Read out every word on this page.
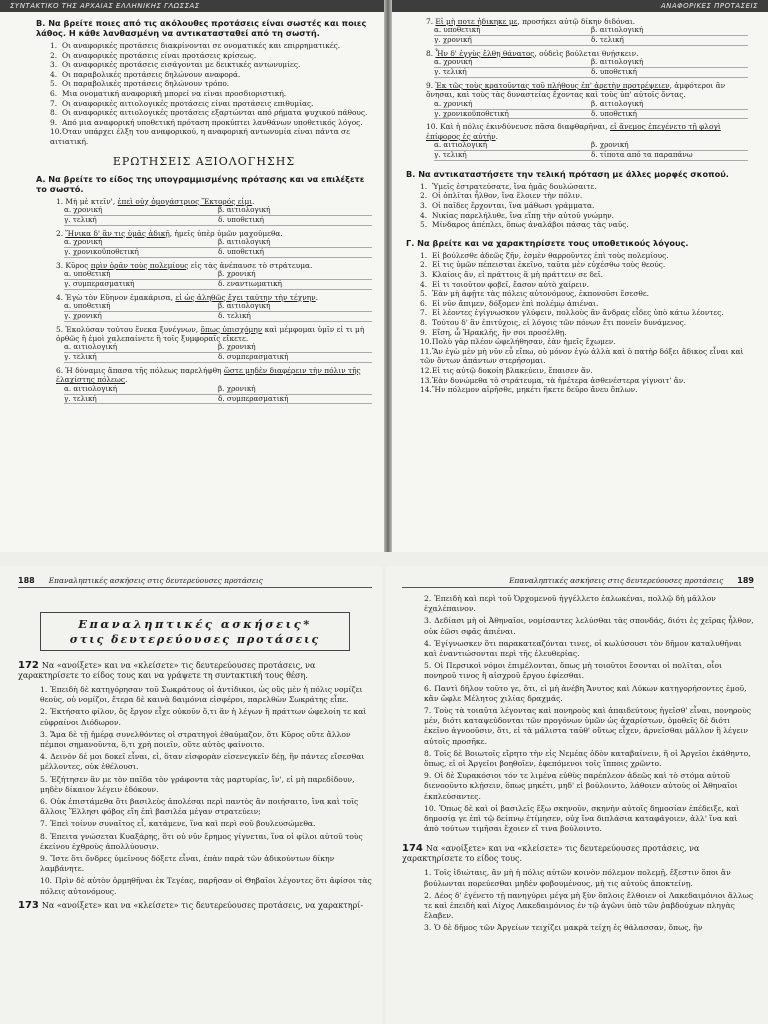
ΣΥΝΤΑΚΤΙΚΟ ΤΗΣ ΑΡΧΑΙΑΣ ΕΛΛΗΝΙΚΗΣ ΓΛΩΣΣΑΣ
Β. Να βρείτε ποιες από τις ακόλουθες προτάσεις είναι σωστές και ποιες λάθος. Η κάθε λανθασμένη να αντικατασταθεί από τη σωστή.
1. Οι αναφορικές προτάσεις διακρίνονται σε ονοματικές και επιρρηματικές.
2. Οι αναφορικές προτάσεις είναι προτάσεις κρίσεως.
3. Οι αναφορικές προτάσεις εισάγονται με δεικτικές αντωνυμίες.
4. Οι παραβολικές προτάσεις δηλώνουν αναφορά.
5. Οι παραβολικές προτάσεις δηλώνουν τρόπο.
6. Μια ονοματική αναφορική μπορεί να είναι προσδιοριστική.
7. Οι αναφορικές αιτιολογικές προτάσεις είναι προτάσεις επιθυμίας.
8. Οι αναφορικές αιτιολογικές προτάσεις εξαρτώνται από ρήματα ψυχικού πάθους.
9. Από μια αναφορική υποθετική πρόταση προκύπτει λανθάνων υποθετικός λόγος.
10.Όταν υπάρχει έλξη του αναφορικού, η αναφορική αντωνυμία είναι πάντα σε αιτιατική.
ΕΡΩΤΗΣΕΙΣ ΑΞΙΟΛΟΓΗΣΗΣ
Α. Να βρείτε το είδος της υπογραμμισμένης πρότασης και να επιλέξετε το σωστό.
1. Μὴ μὲ κτεῖν', ἐπεὶ οὐχ ὁμογάστριος Ἕκτορός εἰμι.
α. χρονική	β. αιτιολογική
γ. τελική	δ. υποθετική
2. Ἥνικα δ' ἂν τις ὑμᾶς ἀδικῇ, ἡμεῖς ὑπὲρ ὑμῶν μαχούμεθα.
α. χρονική	β. αιτιολογική
γ. χρονικοϋποθετική	δ. υποθετική
3. Κῦρος πρὶν ὁρᾶν τοὺς πολεμίους εἰς τὰς ἀνέπαυσε τὸ στράτευμα.
α. υποθετική	β. χρονική
γ. συμπερασματική	δ. εναντιωματική
4. Ἐγὼ τὸν Εὔηνον ἐμακάρισα, εἰ ὡς ἀληθῶς ἔχει ταύτην τὴν τέχνην.
α. υποθετική	β. αιτιολογική
γ. χρονική	δ. τελική
5. Ἐκολύσαν τούτου ἕνεκα ξυνέγνων, ὅπως ὑπισχόμην καὶ μέμφομαι ὑμῖν εἰ τι μὴ ὀρθῶς ἢ ἐμοὶ χαλεπαίνετε ἢ τοῖς ξυμφοραῖς εἴκετε.
α. αιτιολογική	β. χρονική
γ. τελική	δ. συμπερασματική
6. Ἡ δύναμις ἅπασα τῆς πόλεως παρελήφθη ὥστε μηδὲν διαφέρειν τὴν πόλιν τῆς ἐλαχίστης πόλεως.
α. αιτιολογική	β. χρονική
γ. τελική	δ. συμπερασματική
ΑΝΑΦΟΡΙΚΕΣ ΠΡΟΤΑΣΕΙΣ
7. Εἰ μὴ ποτε ἠδικηκε με, προσήκει αὐτῷ δίκην διδόναι.
α. υποθετική	β. αιτιολογική
γ. χρονική	δ. τελική
8. Ἦν δ' ἐγγὺς ἔλθῃ θάνατος, οὐδεὶς βούλεται θνῄσκειν.
α. χρονική	β. αιτιολογική
γ. τελική	δ. υποθετική
9. Ἐκ τῶς τοὺς κρατοῦντας τοῦ πλήθους ἐπ' ἀρετὴν προτρέψειεν, ἀμφότεροι ἂν ὄνησαι, καὶ τοὺς τὰς δυναστείας ἔχοντας καὶ τοὺς ὑπ' αὐτοῖς ὄντας.
α. χρονική	β. αιτιολογική
γ. χρονικοϋποθετική	δ. υποθετική
10. Καὶ ἡ πόλις ἐκινδύνευσε πᾶσα διαφθαρῆναι, εἰ ἄνεμος ἐπεγένετο τῇ φλογὶ ἐπίφορος ἐς αὐτήν.
α. αιτιολογική	β. χρονική
γ. τελική	δ. τίποτα από τα παραπάνω
Β. Να αντικαταστήσετε την τελική πρόταση με άλλες μορφές σκοπού.
1. Ὑμεῖς ἐστρατεύσατε, ἵνα ἡμᾶς δουλώσαιτε.
2. Οἱ ὁπλῖται ἦλθον, ἵνα ἔλοιεν τὴν πόλιν.
3. Οἱ παῖδες ἔρχονται, ἵνα μάθωσι γράμματα.
4. Νικίας παρελήλυθε, ἵνα εἴπῃ τὴν αὐτοῦ γνώμην.
5. Μίνδαρος ἀπέπλει, ὅπως ἀναλάβοι πάσας τὰς ναῦς.
Γ. Να βρείτε και να χαρακτηρίσετε τους υποθετικούς λόγους.
1. Εἰ βούλεσθε ἀδεῶς ζῆν, ἐσμὲν θαρροῦντες ἐπὶ τοὺς πολεμίους.
2. Εἰ τις ὑμῶν πέπεισται ἐκεῖνο, ταῦτα μὲν εὐχέσθω τοὺς θεούς.
3. Κλαίοις ἄν, εἰ πράττοις ἃ μὴ πράττειν σε δεῖ.
4. Εἰ τι τοιοῦτον φοβεῖ, ἔασον αὐτὸ χαίρειν.
5. Ἐὰν μὴ ἀφῇτε τὰς πόλεις αὐτονόμους, ἐκπονοῦσι ἔσεσθε.
6. Εἰ νῦν ἄπιμεν, δόξομεν ἐπὶ πολέμῳ ἀπιέναι.
7. Εἰ λέοντες ἐγίγνωσκον γλύφειν, πολλοὺς ἂν ἄνδρας εἶδες ὑπὸ κάτω λέοντες.
8. Τούτου δ' ἂν ἐπιτύχοις, εἰ λόγοις τῶν πόνων ἔτι πονεῖν δυνάμενος.
9. Εἴση, ὦ Ἡρακλῆς, ἥν σοι προσέλθῃ.
10.Πολὺ γὰρ πλέον ὠφελήθησαν, ἐὰν ἡμεῖς ἔχωμεν.
11.Ἂν ἐγὼ μὲν μὴ νῦν εὖ εἴπω, οὐ μόνον ἐγὼ ἀλλὰ καὶ ὁ πατὴρ δόξει ἄδικος εἶναι καὶ τῶν ὄντων ἁπάντων στερήσομαι.
12.Εἰ τις αὐτῷ δοκοίη βλακεύειν, ἔπαισεν ἄν.
13.Ἐὰν δυνώμεθα τὸ στράτευμα, τὰ ἡμέτερα ἀσθενέστερα γίγνοιτ' ἄν.
14.Ἢν πόλεμον αἱρῆσθε, μηκέτι ἥκετε δεῦρο ἄνευ ὅπλων.
188 Επαναληπτικές ασκήσεις στις δευτερεύουσες προτάσεις
Επαναληπτικές ασκήσεις*
στις δευτερεύουσες προτάσεις
172 Να «ανοίξετε» και να «κλείσετε» τις δευτερεύουσες προτάσεις, να χαρακτηρίσετε το είδος τους και να γράψετε τη συντακτική τους θέση.
1. Ἐπειδὴ δὲ κατηγόρησαν τοῦ Σωκράτους οἱ ἀντίδικοι, ὡς οὓς μὲν ἡ πόλις νομίζει θεοὺς, οὐ νομίζοι, ἕτερα δὲ καινὰ δαιμόνια εἰσφέροι, παρελθὼν Σωκράτης εἶπε.
2. Ἐκτήσατο φίλον, ὅς ἔργον εἶχε οὐκοῦν ὅ,τι ἂν ἡ λέγων ἢ πράττων ὠφελοίη τε καὶ εὐφραίνοι Διόδωρον.
3. Ἅμα δὲ τῇ ἡμέρᾳ συνελθόντες οἱ στρατηγοὶ ἐθαύμαζον, ὅτι Κῦρος οὔτε ἄλλον πέμποι σημανοῦντα, ὅ,τι χρὴ ποιεῖν, οὔτε αὐτὸς φαίνοιτο.
4. Δεινὸν δέ μοι δοκεῖ εἶναι, εἰ, ὅταν εἰσφορὰν εἰσενεγκεῖν δέῃ, ἣν πάντες εἴσεσθαι μέλλοντες, οὐκ ἐθέλουσι.
5. Ἐζήτησεν ἂν με τὸν παῖδα τὸν γράφοντα τὰς μαρτυρίας, ἵν', εἰ μὴ παρεδίδουν, μηδὲν δίκαιον λέγειν ἐδόκουν.
6. Οὐκ ἐπιστάμεθα ὅτι βασιλεὺς ἀπολέσαι περὶ παντὸς ἂν ποιήσαιτο, ἵνα καὶ τοῖς ἄλλοις Ἕλλησι φόβος εἴη ἐπὶ βασιλέα μέγαν στρατεύειν;
7. Ἐπεὶ τοίνυν συναῖτος εἶ, κατάμενε, ἵνα καὶ περὶ σοῦ βουλευσώμεθα.
8. Ἐπειτα γνώσεται Κυαξάρης, ὅτι οὐ νῦν ἔρημος γίγνεται, ἵνα οἱ φίλοι αὐτοῦ τοὺς ἐκείνου ἐχθροὺς ἀπολλύουσιν.
9. Ἴστε ὅτι ὄνδρες ὑμεῖνους δόξετε εἶναι, ἐπὰν παρὰ τῶν ἀδικούντων δίκην λαμβάνητε.
10. Πρὶν δὲ αὐτὸν ὁρμηθῆναι ἐκ Τεγέας, παρῆσαν οἱ Θηβαῖοι λέγοντες ὅτι ἀφίσοι τὰς πόλεις αὐτονόμους.
173 Να «ανοίξετε» και να «κλείσετε» τις δευτερεύουσες προτάσεις, να χαρακτηρί-
Επαναληπτικές ασκήσεις στις δευτερεύουσες προτάσεις 189
2. Ἐπειδὴ καὶ περὶ τοῦ Ὀρχομενοῦ ἠγγέλλετο ἑαλωκέναι, πολλῷ δὴ μᾶλλον ἐχαλέπαινον.
3. Δεδίασι μὴ οἱ Ἀθηναῖοι, νομίσαντες λελύσθαι τὰς σπονδάς, διότι ἐς χεῖρας ἦλθον, οὐκ ἐῶσι σφᾶς ἀπιέναι.
4. Ἐγίγνωσκεν ὅτι παρακατεαζόνται τινες, οἱ κωλύσουσι τὸν δῆμον καταλυθῆναι καὶ ἐναντιώσονται περὶ τῆς ἐλευθερίας.
5. Οἱ Περσικοὶ νόμοι ἐπιμέλονται, ὅπως μὴ τοιοῦτοι ἔσονται οἱ πολῖται, οἷοι πονηροῦ τινος ἢ αἰσχροῦ ἔργου ἐφίεσθαι.
6. Παντὶ δῆλον τοῦτο γε, ὅτι, εἰ μὴ ἀνέβη Ἄνυτος καὶ Λύκων κατηγορήσοντες ἐμοῦ, κἂν ὤφλε Μέλητος χιλίας δραχμάς.
7. Τοὺς τὰ τοιαῦτα λέγοντας καὶ πονηροὺς καὶ ἀπαιδεύτους ἡγεῖσθ' εἶναι, πονηροὺς μέν, διότι καταψεύδονται τῶν προγόνων ὑμῶν ὡς ἀχαρίστων, ὁμοθεῖς δὲ διότι ἐκεῖνο ἀγνοοῦσιν, ὅτι, εἰ τὰ μάλιστα ταῦθ' οὕτως εἶχεν, ἀρνεῖσθαι μᾶλλον ἢ λέγειν αὐτοῖς προσῆκε.
8. Τοῖς δὲ Βοιωτοῖς εἴρητο τὴν εἰς Νεμέας ὁδὸν καταβαίνειν, ἥ οἱ Ἀργεῖοι ἐκάθηντο, ὅπως, εἰ οἱ Ἀργεῖοι βοηθοῖεν, ἐφεπόμενοι τοῖς ἵπποις χρῶντο.
9. Οἱ δὲ Συρακόσιοι τόν τε λιμένα εὐθὺς παρέπλεον ἀδεῶς καὶ τὸ στόμα αὐτοῦ διενοοῦντο κλῄσειν, ὅπως μηκέτι, μηδ' εἰ βούλοιντο, λάθοιεν αὐτοὺς οἱ Ἀθηναῖοι ἐκπλεύσαντες.
10. Ὅπως δὲ καὶ οἱ βασιλεῖς ἔξω σκηνοῦν, σκηνὴν αὐτοῖς δημοσίαν ἐπέδειξε, καὶ δημοσίᾳ γε ἐπὶ τῷ δείπνῳ ἐτίμησεν, οὐχ ἵνα διπλάσια καταφάγοιεν, ἀλλ' ἵνα καὶ ἀπὸ τούτων τιμῆσαι ἔχοιεν εἴ τινα βούλοιντο.
174 Να «ανοίξετε» και να «κλείσετε» τις δευτερεύουσες προτάσεις, να χαρακτηρίσετε το είδος τους.
1. Τοῖς ἰδιώταις, ἂν μὴ ἡ πόλις αὐτῶν κοινὸν πόλεμον πολεμῇ, ἔξεστιν ὅποι ἂν βούλωνται πορεύεσθαι μηδὲν φοβουμένους, μὴ τις αὐτοὺς ἀποκτείνῃ.
2. Δέος δ' ἐγένετο τῇ πανηγύρει μέγα μὴ ξὺν ὅπλοις ἔλθοιεν οἱ Λακεδαιμόνιοι ἄλλως τε καὶ ἐπειδὴ καὶ Λίχος Λακεδαιμόνιος ἐν τῷ ἀγῶνι ὑπὸ τῶν ῥαβδούχων πληγὰς ἔλαβεν.
3. Ὁ δὲ δῆμος τῶν Ἀργείων τειχίζει μακρὰ τείχη ἐς θάλασσαν, ὅπως, ἢν
